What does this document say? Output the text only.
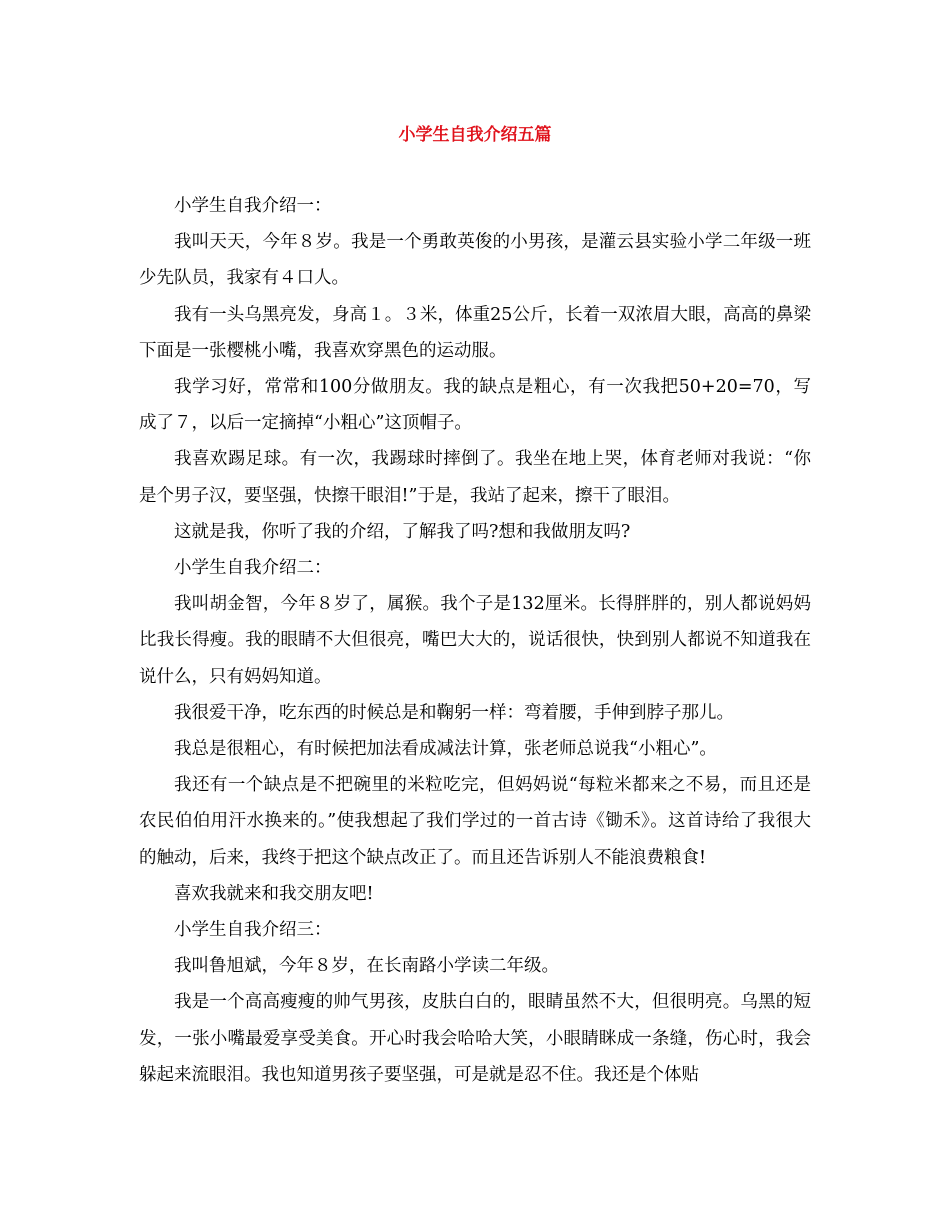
小学生自我介绍五篇

小学生自我介绍一：

我叫天天，今年８岁。我是一个勇敢英俊的小男孩，是灌云县实验小学二年级一班少先队员，我家有４口人。

我有一头乌黑亮发，身高１。３米，体重25公斤，长着一双浓眉大眼，高高的鼻梁下面是一张樱桃小嘴，我喜欢穿黑色的运动服。

我学习好，常常和100分做朋友。我的缺点是粗心，有一次我把50+20=70，写成了７，以后一定摘掉“小粗心”这顶帽子。

我喜欢踢足球。有一次，我踢球时摔倒了。我坐在地上哭，体育老师对我说：“你是个男子汉，要坚强，快擦干眼泪!”于是，我站了起来，擦干了眼泪。

这就是我，你听了我的介绍，了解我了吗?想和我做朋友吗?

小学生自我介绍二：

我叫胡金智，今年８岁了，属猴。我个子是132厘米。长得胖胖的，别人都说妈妈比我长得瘦。我的眼睛不大但很亮，嘴巴大大的，说话很快，快到别人都说不知道我在说什么，只有妈妈知道。

我很爱干净，吃东西的时候总是和鞠躬一样：弯着腰，手伸到脖子那儿。

我总是很粗心，有时候把加法看成减法计算，张老师总说我“小粗心”。

我还有一个缺点是不把碗里的米粒吃完，但妈妈说“每粒米都来之不易，而且还是农民伯伯用汗水换来的。”使我想起了我们学过的一首古诗《锄禾》。这首诗给了我很大的触动，后来，我终于把这个缺点改正了。而且还告诉别人不能浪费粮食!

喜欢我就来和我交朋友吧!

小学生自我介绍三：

我叫鲁旭斌，今年８岁，在长南路小学读二年级。

我是一个高高瘦瘦的帅气男孩，皮肤白白的，眼睛虽然不大，但很明亮。乌黑的短发，一张小嘴最爱享受美食。开心时我会哈哈大笑，小眼睛眯成一条缝，伤心时，我会躲起来流眼泪。我也知道男孩子要坚强，可是就是忍不住。我还是个体贴
